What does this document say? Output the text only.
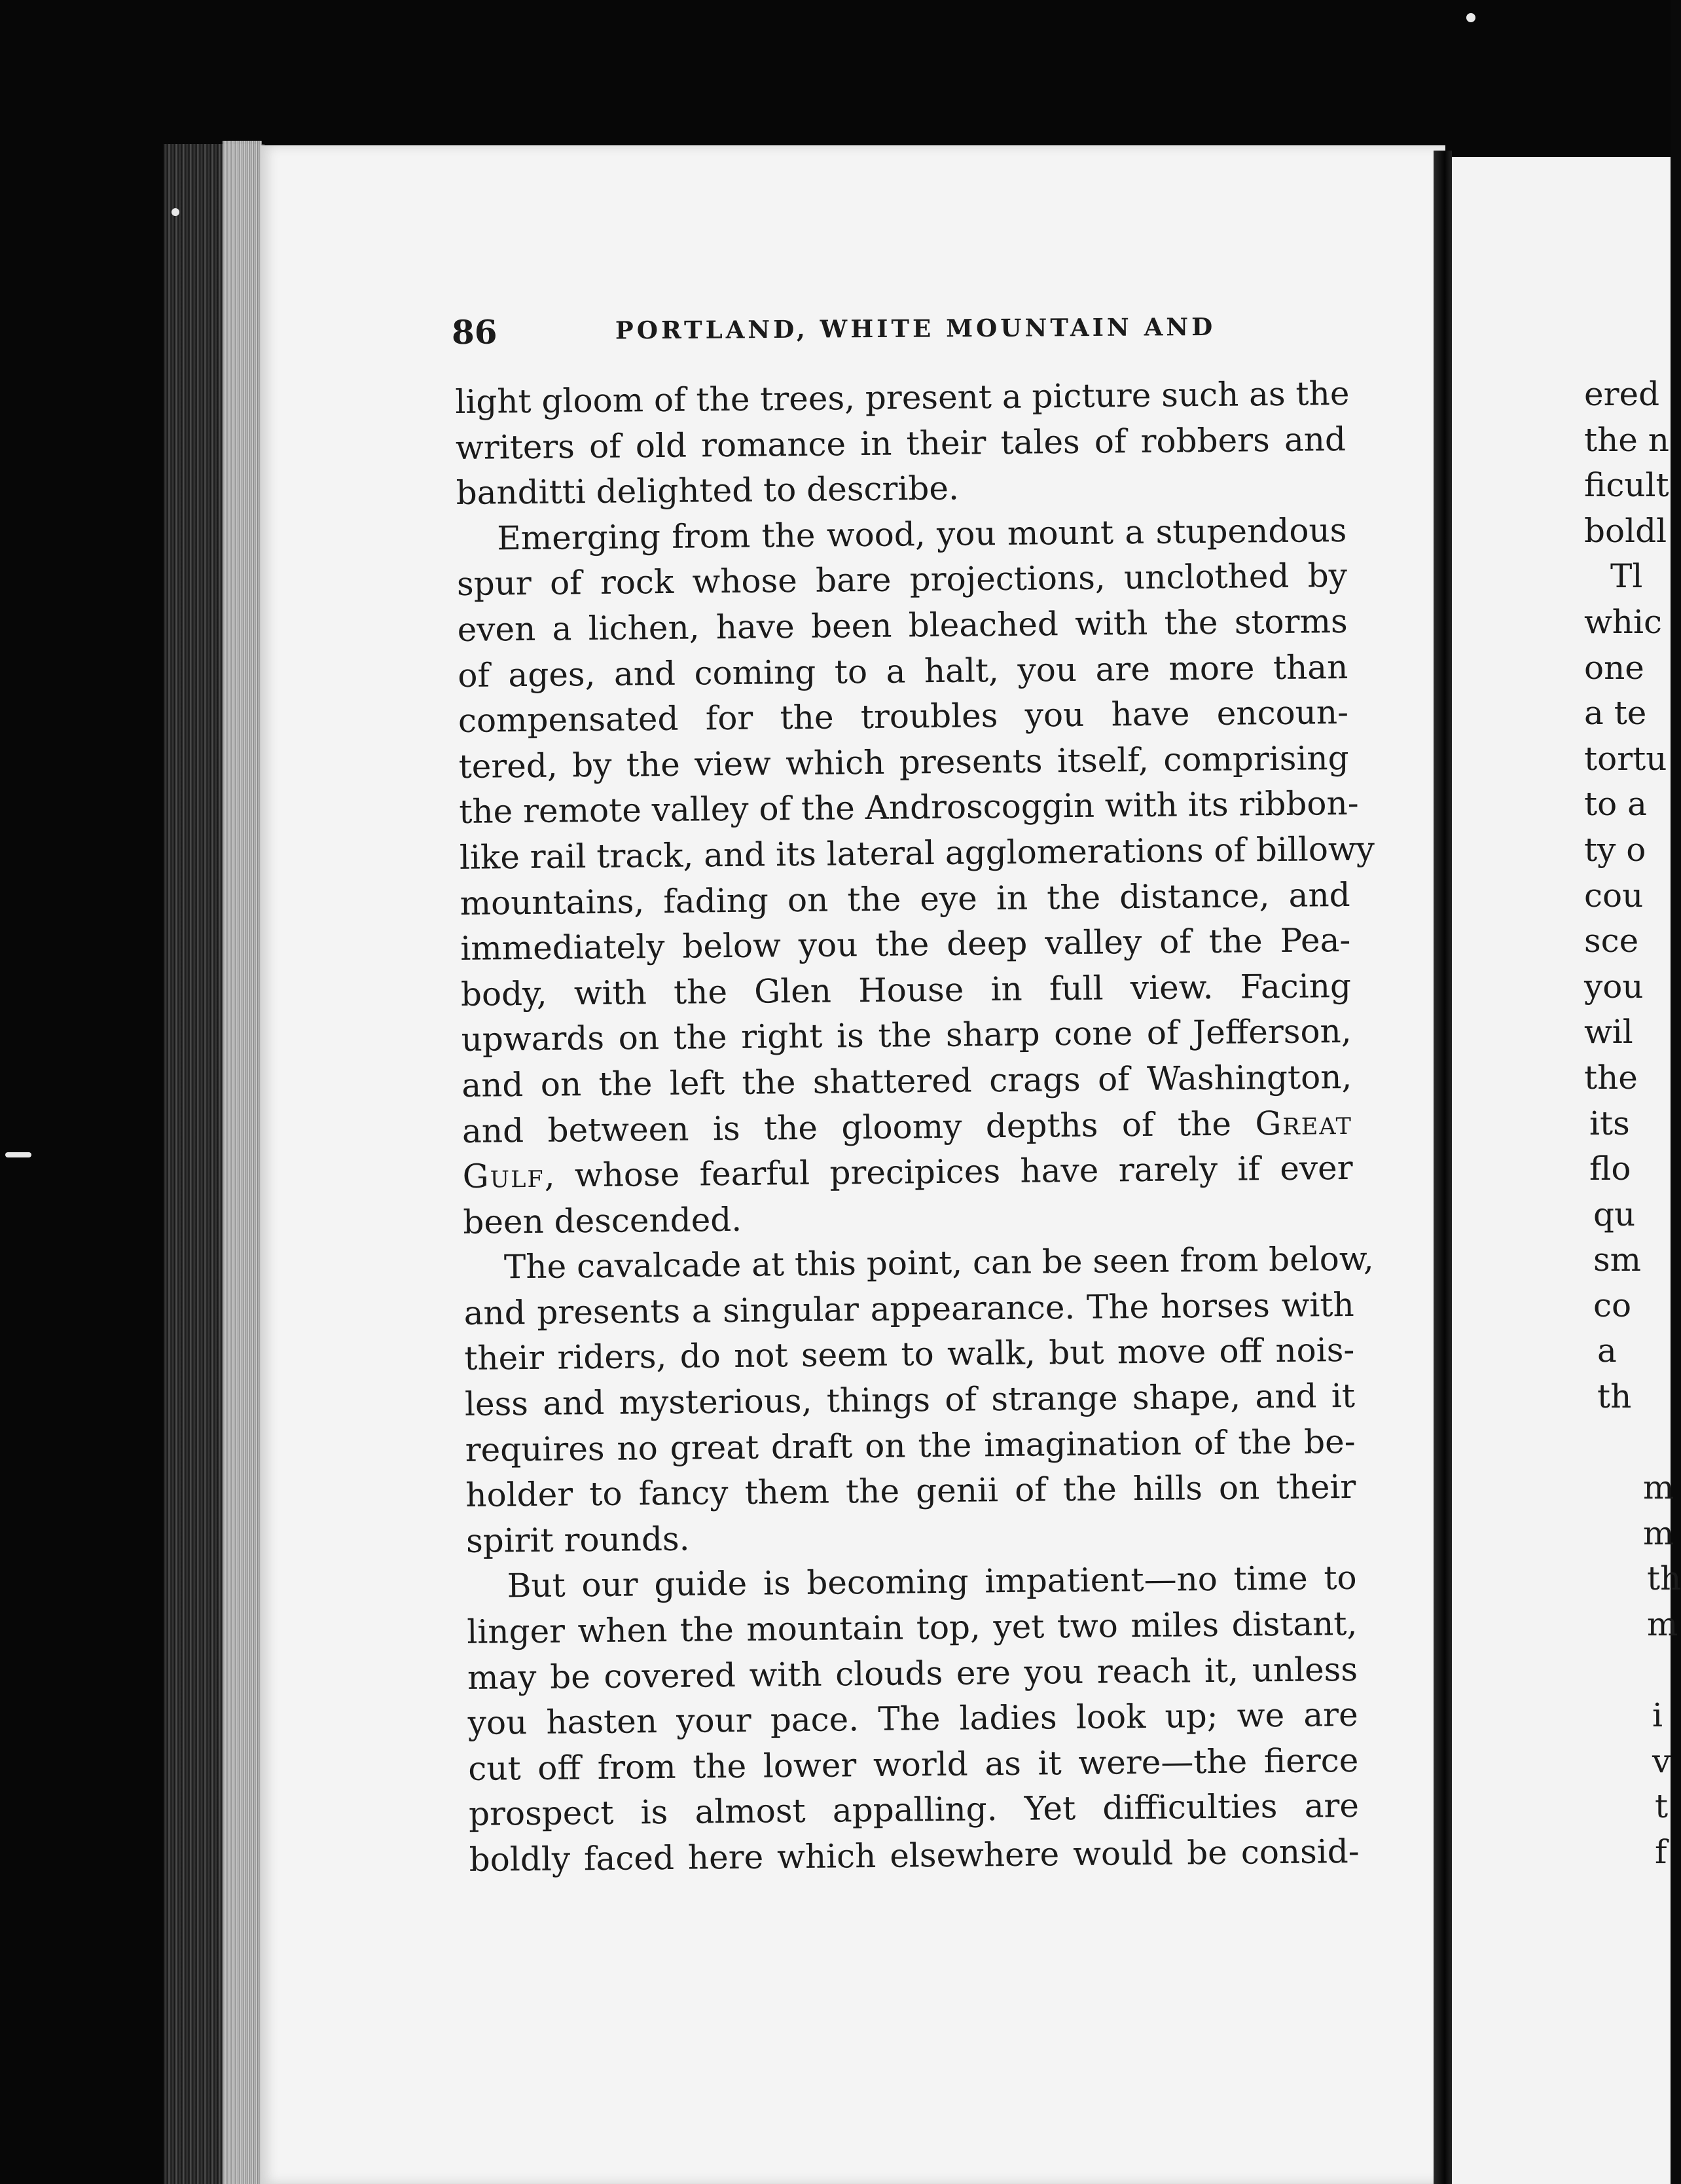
86	PORTLAND, WHITE MOUNTAIN AND
light gloom of the trees, present a picture such as the
writers of old romance in their tales of robbers and
banditti delighted to describe.
Emerging from the wood, you mount a stupendous
spur of rock whose bare projections, unclothed by
even a lichen, have been bleached with the storms
of ages, and coming to a halt, you are more than
compensated for the troubles you have encoun-
tered, by the view which presents itself, comprising
the remote valley of the Androscoggin with its ribbon-
like rail track, and its lateral agglomerations of billowy
mountains, fading on the eye in the distance, and
immediately below you the deep valley of the Pea-
body, with the Glen House in full view. Facing
upwards on the right is the sharp cone of Jefferson,
and on the left the shattered crags of Washington,
and between is the gloomy depths of the Great
Gulf, whose fearful precipices have rarely if ever
been descended.
The cavalcade at this point, can be seen from below,
and presents a singular appearance. The horses with
their riders, do not seem to walk, but move off nois-
less and mysterious, things of strange shape, and it
requires no great draft on the imagination of the be-
holder to fancy them the genii of the hills on their
spirit rounds.
But our guide is becoming impatient—no time to
linger when the mountain top, yet two miles distant,
may be covered with clouds ere you reach it, unless
you hasten your pace. The ladies look up; we are
cut off from the lower world as it were—the fierce
prospect is almost appalling. Yet difficulties are
boldly faced here which elsewhere would be consid-
ered
the n
ficult
boldl
Tl
whic
one
a te
tortu
to a
ty o
cou
sce
you
wil
the
its
flo
qu
sm
co
a
th
m
m
th
m
i
v
t
f
